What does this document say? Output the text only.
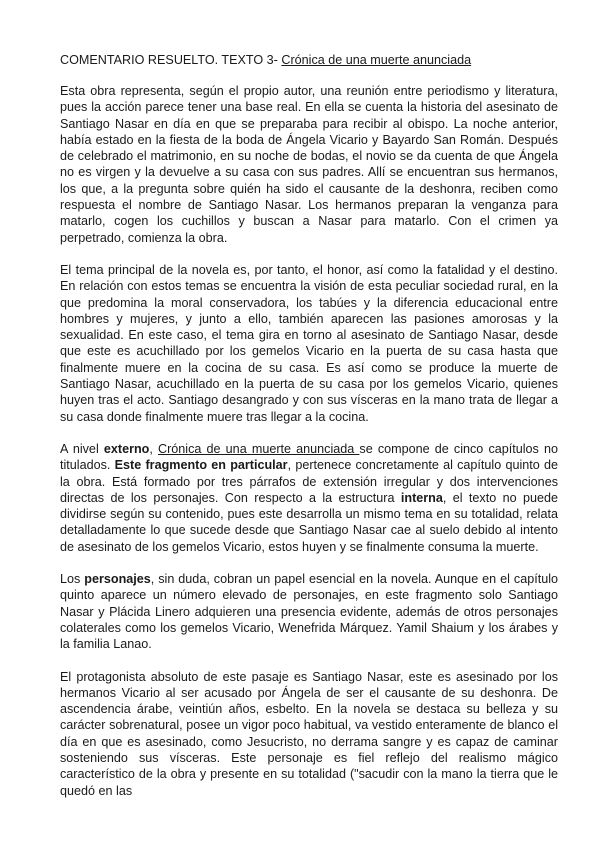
COMENTARIO RESUELTO. TEXTO 3- Crónica de una muerte anunciada

Esta obra representa, según el propio autor, una reunión entre periodismo y literatura, pues la acción parece tener una base real. En ella se cuenta la historia del asesinato de Santiago Nasar en día en que se preparaba para recibir al obispo. La noche anterior, había estado en la fiesta de la boda de Ángela Vicario y Bayardo San Román. Después de celebrado el matrimonio, en su noche de bodas, el novio se da cuenta de que Ángela no es virgen y la devuelve a su casa con sus padres. Allí se encuentran sus hermanos, los que, a la pregunta sobre quién ha sido el causante de la deshonra, reciben como respuesta el nombre de Santiago Nasar. Los hermanos preparan la venganza para matarlo, cogen los cuchillos y buscan a Nasar para matarlo. Con el crimen ya perpetrado, comienza la obra.

El tema principal de la novela es, por tanto, el honor, así como la fatalidad y el destino. En relación con estos temas se encuentra la visión de esta peculiar sociedad rural, en la que predomina la moral conservadora, los tabúes y la diferencia educacional entre hombres y mujeres, y junto a ello, también aparecen las pasiones amorosas y la sexualidad. En este caso, el tema gira en torno al asesinato de Santiago Nasar, desde que este es acuchillado por los gemelos Vicario en la puerta de su casa hasta que finalmente muere en la cocina de su casa. Es así como se produce la muerte de Santiago Nasar, acuchillado en la puerta de su casa por los gemelos Vicario, quienes huyen tras el acto. Santiago desangrado y con sus vísceras en la mano trata de llegar a su casa donde finalmente muere tras llegar a la cocina.

A nivel externo, Crónica de una muerte anunciada se compone de cinco capítulos no titulados. Este fragmento en particular, pertenece concretamente al capítulo quinto de la obra. Está formado por tres párrafos de extensión irregular y dos intervenciones directas de los personajes. Con respecto a la estructura interna, el texto no puede dividirse según su contenido, pues este desarrolla un mismo tema en su totalidad, relata detalladamente lo que sucede desde que Santiago Nasar cae al suelo debido al intento de asesinato de los gemelos Vicario, estos huyen y se finalmente consuma la muerte.

Los personajes, sin duda, cobran un papel esencial en la novela. Aunque en el capítulo quinto aparece un número elevado de personajes, en este fragmento solo Santiago Nasar y Plácida Linero adquieren una presencia evidente, además de otros personajes colaterales como los gemelos Vicario, Wenefrida Márquez. Yamil Shaium y los árabes y la familia Lanao.

El protagonista absoluto de este pasaje es Santiago Nasar, este es asesinado por los hermanos Vicario al ser acusado por Ángela de ser el causante de su deshonra. De ascendencia árabe, veintiún años, esbelto. En la novela se destaca su belleza y su carácter sobrenatural, posee un vigor poco habitual, va vestido enteramente de blanco el día en que es asesinado, como Jesucristo, no derrama sangre y es capaz de caminar sosteniendo sus vísceras. Este personaje es fiel reflejo del realismo mágico característico de la obra y presente en su totalidad ("sacudir con la mano la tierra que le quedó en las
